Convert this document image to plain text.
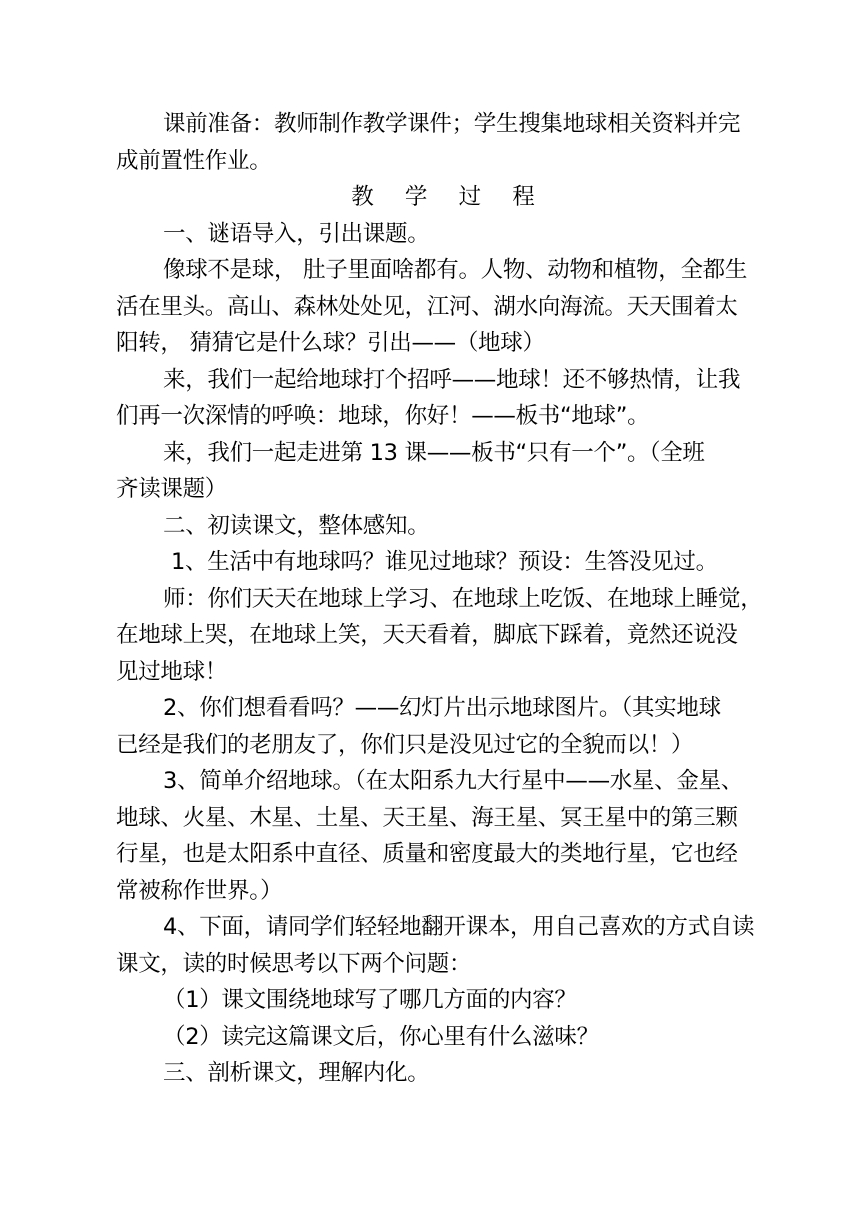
课前准备：教师制作教学课件；学生搜集地球相关资料并完
成前置性作业。
教 学 过 程
一、谜语导入，引出课题。
像球不是球， 肚子里面啥都有。人物、动物和植物，全都生
活在里头。高山、森林处处见，江河、湖水向海流。天天围着太
阳转， 猜猜它是什么球？引出——（地球）
来，我们一起给地球打个招呼——地球！还不够热情，让我
们再一次深情的呼唤：地球，你好！——板书“地球”。
来，我们一起走进第 13 课——板书“只有一个”。（全班
齐读课题）
二、初读课文，整体感知。
1、生活中有地球吗？谁见过地球？预设：生答没见过。
师：你们天天在地球上学习、在地球上吃饭、在地球上睡觉，
在地球上哭，在地球上笑，天天看着，脚底下踩着，竟然还说没
见过地球！
2、你们想看看吗？——幻灯片出示地球图片。（其实地球
已经是我们的老朋友了，你们只是没见过它的全貌而以！）
3、简单介绍地球。（在太阳系九大行星中——水星、金星、
地球、火星、木星、土星、天王星、海王星、冥王星中的第三颗
行星，也是太阳系中直径、质量和密度最大的类地行星，它也经
常被称作世界。）
4、下面，请同学们轻轻地翻开课本，用自己喜欢的方式自读
课文，读的时候思考以下两个问题：
（1）课文围绕地球写了哪几方面的内容？
（2）读完这篇课文后，你心里有什么滋味？
三、剖析课文，理解内化。
